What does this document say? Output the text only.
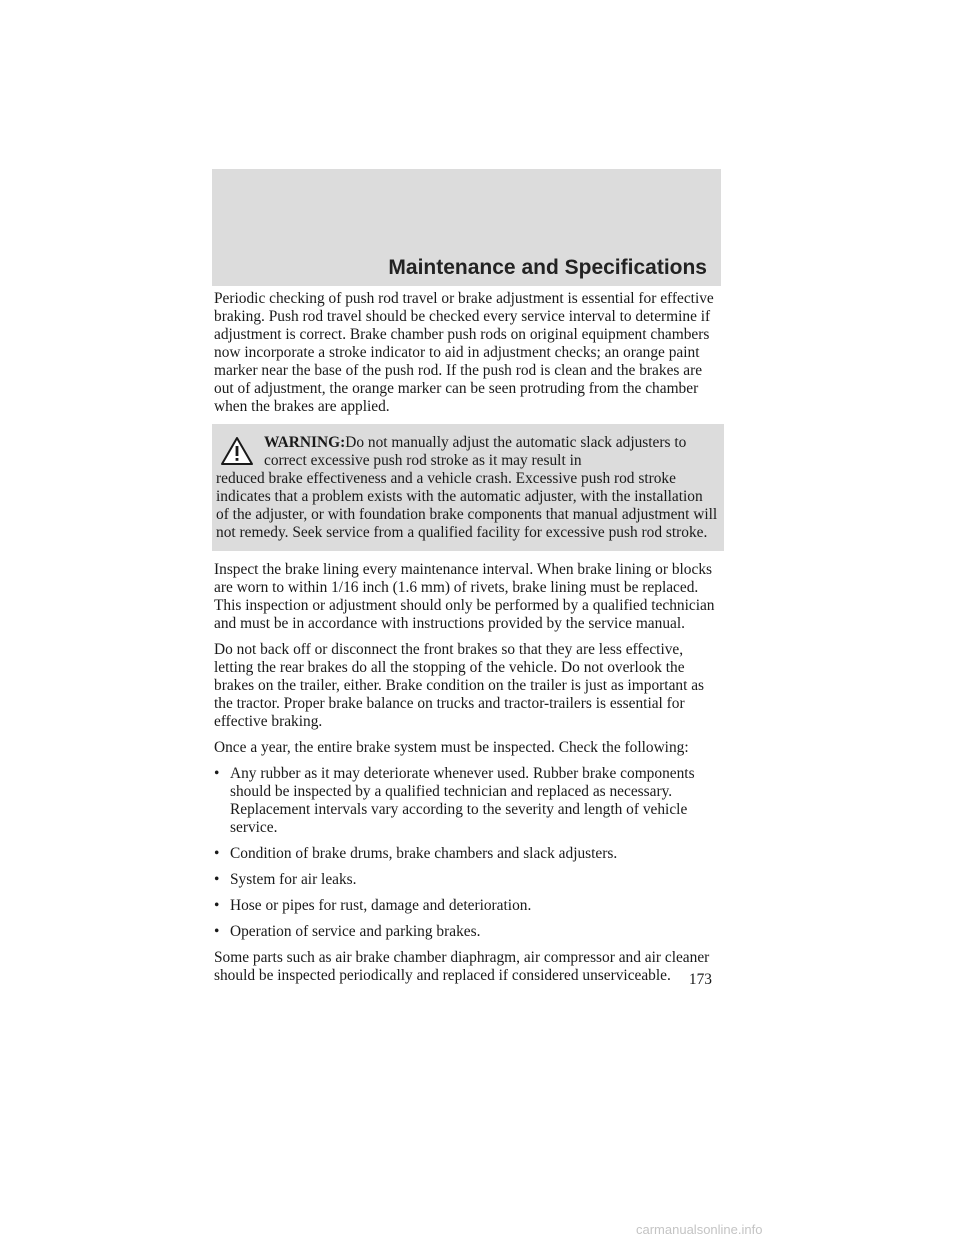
Maintenance and Specifications

Periodic checking of push rod travel or brake adjustment is essential for effective braking. Push rod travel should be checked every service interval to determine if adjustment is correct. Brake chamber push rods on original equipment chambers now incorporate a stroke indicator to aid in adjustment checks; an orange paint marker near the base of the push rod. If the push rod is clean and the brakes are out of adjustment, the orange marker can be seen protruding from the chamber when the brakes are applied.

WARNING:Do not manually adjust the automatic slack adjusters to correct excessive push rod stroke as it may result in
reduced brake effectiveness and a vehicle crash. Excessive push rod stroke indicates that a problem exists with the automatic adjuster, with the installation of the adjuster, or with foundation brake components that manual adjustment will not remedy. Seek service from a qualified facility for excessive push rod stroke.

Inspect the brake lining every maintenance interval. When brake lining or blocks are worn to within 1/16 inch (1.6 mm) of rivets, brake lining must be replaced. This inspection or adjustment should only be performed by a qualified technician and must be in accordance with instructions provided by the service manual.

Do not back off or disconnect the front brakes so that they are less effective, letting the rear brakes do all the stopping of the vehicle. Do not overlook the brakes on the trailer, either. Brake condition on the trailer is just as important as the tractor. Proper brake balance on trucks and tractor-trailers is essential for effective braking.

Once a year, the entire brake system must be inspected. Check the following:

• Any rubber as it may deteriorate whenever used. Rubber brake components should be inspected by a qualified technician and replaced as necessary. Replacement intervals vary according to the severity and length of vehicle service.
• Condition of brake drums, brake chambers and slack adjusters.
• System for air leaks.
• Hose or pipes for rust, damage and deterioration.
• Operation of service and parking brakes.

Some parts such as air brake chamber diaphragm, air compressor and air cleaner should be inspected periodically and replaced if considered unserviceable.	173
carmanualsonline.info
